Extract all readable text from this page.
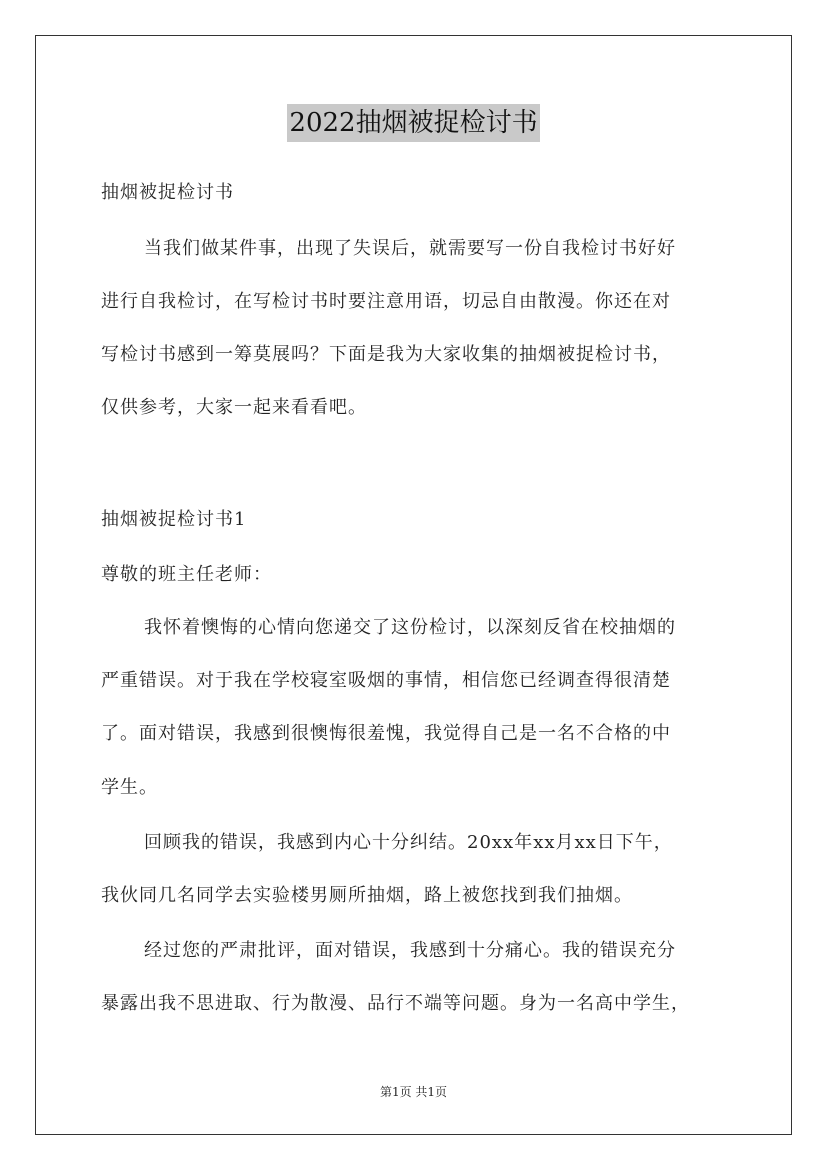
2022抽烟被捉检讨书
抽烟被捉检讨书
当我们做某件事，出现了失误后，就需要写一份自我检讨书好好
进行自我检讨，在写检讨书时要注意用语，切忌自由散漫。你还在对
写检讨书感到一筹莫展吗？下面是我为大家收集的抽烟被捉检讨书，
仅供参考，大家一起来看看吧。
抽烟被捉检讨书1
尊敬的班主任老师：
我怀着懊悔的心情向您递交了这份检讨，以深刻反省在校抽烟的
严重错误。对于我在学校寝室吸烟的事情，相信您已经调查得很清楚
了。面对错误，我感到很懊悔很羞愧，我觉得自己是一名不合格的中
学生。
回顾我的错误，我感到内心十分纠结。20xx年xx月xx日下午，
我伙同几名同学去实验楼男厕所抽烟，路上被您找到我们抽烟。
经过您的严肃批评，面对错误，我感到十分痛心。我的错误充分
暴露出我不思进取、行为散漫、品行不端等问题。身为一名高中学生，
第1页 共1页
